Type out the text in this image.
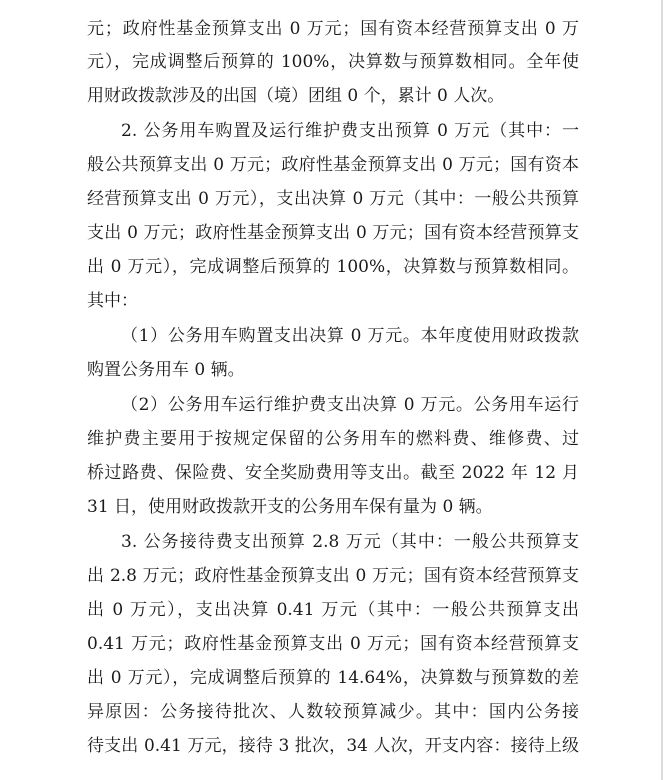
元；政府性基金预算支出 0 万元；国有资本经营预算支出 0 万
元），完成调整后预算的 100%，决算数与预算数相同。全年使
用财政拨款涉及的出国（境）团组 0 个，累计 0 人次。
2. 公务用车购置及运行维护费支出预算 0 万元（其中：一
般公共预算支出 0 万元；政府性基金预算支出 0 万元；国有资本
经营预算支出 0 万元），支出决算 0 万元（其中：一般公共预算
支出 0 万元；政府性基金预算支出 0 万元；国有资本经营预算支
出 0 万元），完成调整后预算的 100%，决算数与预算数相同。
其中：
（1）公务用车购置支出决算 0 万元。本年度使用财政拨款
购置公务用车 0 辆。
（2）公务用车运行维护费支出决算 0 万元。公务用车运行
维护费主要用于按规定保留的公务用车的燃料费、维修费、过
桥过路费、保险费、安全奖励费用等支出。截至 2022 年 12 月
31 日，使用财政拨款开支的公务用车保有量为 0 辆。
3. 公务接待费支出预算 2.8 万元（其中：一般公共预算支
出 2.8 万元；政府性基金预算支出 0 万元；国有资本经营预算支
出 0 万元），支出决算 0.41 万元（其中：一般公共预算支出
0.41 万元；政府性基金预算支出 0 万元；国有资本经营预算支
出 0 万元），完成调整后预算的 14.64%，决算数与预算数的差
异原因：公务接待批次、人数较预算减少。其中：国内公务接
待支出 0.41 万元，接待 3 批次，34 人次，开支内容：接待上级
